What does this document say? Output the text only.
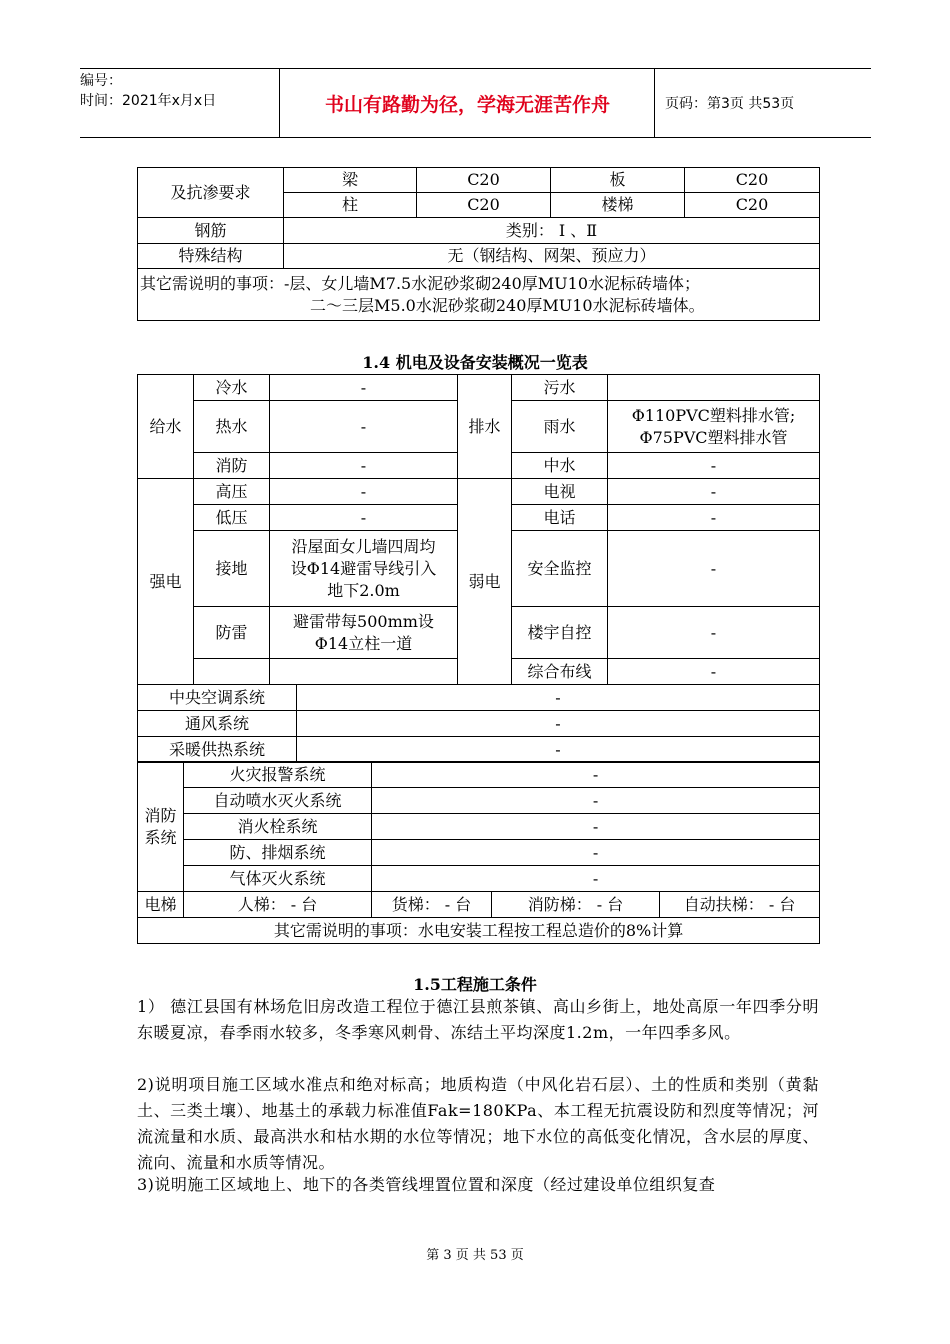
编号：
时间：2021年x月x日	书山有路勤为径，学海无涯苦作舟	页码：第3页 共53页
及抗渗要求	梁	C20	板	C20
	柱	C20	楼梯	C20
钢筋	类别： Ⅰ 、Ⅱ			
特殊结构	无（钢结构、网架、预应力）			

其它需说明的事项：-层、女儿墙M7.5水泥砂浆砌240厚MU10水泥标砖墙体；
二～三层M5.0水泥砂浆砌240厚MU10水泥标砖墙体。				
1.4 机电及设备安装概况一览表
给水	冷水	-		排水	污水	
	热水	-			雨水	Φ110PVC塑料排水管;
Φ75PVC塑料排水管

	消防	-			中水	-
强电	高压	-		弱电	电视	-
	低压	-			电话	-
	接地	沿屋面女儿墙四周均
设Φ14避雷导线引入
地下2.0m			安全监控	-
	防雷	避雷带每500mm设
Φ14立柱一道			楼宇自控	-
					综合布线	-

中央空调系统			-			
通风系统			-			
采暖供热系统			-			
消防
系统	火灾报警系统	-		
	自动喷水灭火系统	-		
	消火栓系统	-		
	防、排烟系统	-		
	气体灭火系统	-		
电梯	人梯： - 台	货梯： - 台	消防梯： - 台	自动扶梯： - 台
其它需说明的事项：水电安装工程按工程总造价的8%计算				
1.5工程施工条件
1） 德江县国有林场危旧房改造工程位于德江县煎茶镇、高山乡街上，地处高原一年四季分明东暖夏凉，春季雨水较多，冬季寒风刺骨、冻结土平均深度1.2m，一年四季多风。
2)说明项目施工区域水准点和绝对标高；地质构造（中风化岩石层）、土的性质和类别（黄黏土、三类土壤）、地基土的承载力标准值Fak=180KPa、本工程无抗震设防和烈度等情况；河流流量和水质、最高洪水和枯水期的水位等情况；地下水位的高低变化情况，含水层的厚度、流向、流量和水质等情况。
3)说明施工区域地上、地下的各类管线埋置位置和深度（经过建设单位组织复查
第 3 页 共 53 页
